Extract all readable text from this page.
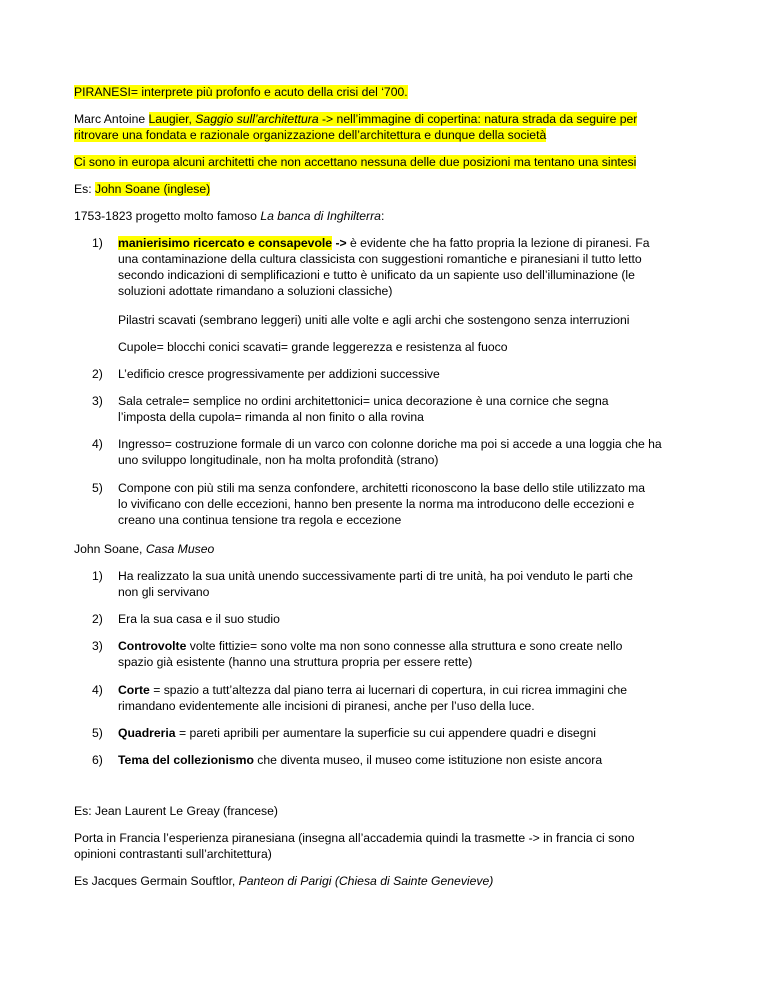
PIRANESI= interprete più profonfo e acuto della crisi del ‘700.
Marc Antoine Laugier, Saggio sull’architettura -> nell’immagine di copertina: natura strada da seguire per
ritrovare una fondata e razionale organizzazione dell’architettura e dunque della società
Ci sono in europa alcuni architetti che non accettano nessuna delle due posizioni ma tentano una sintesi
Es: John Soane (inglese)
1753-1823 progetto molto famoso La banca di Inghilterra:
1) manierisimo ricercato e consapevole -> è evidente che ha fatto propria la lezione di piranesi. Fa
una contaminazione della cultura classicista con suggestioni romantiche e piranesiani il tutto letto
secondo indicazioni di semplificazioni e tutto è unificato da un sapiente uso dell’illuminazione (le
soluzioni adottate rimandano a soluzioni classiche)
Pilastri scavati (sembrano leggeri) uniti alle volte e agli archi che sostengono senza interruzioni
Cupole= blocchi conici scavati= grande leggerezza e resistenza al fuoco
2) L’edificio cresce progressivamente per addizioni successive
3) Sala cetrale= semplice no ordini architettonici= unica decorazione è una cornice che segna
l’imposta della cupola= rimanda al non finito o alla rovina
4) Ingresso= costruzione formale di un varco con colonne doriche ma poi si accede a una loggia che ha
uno sviluppo longitudinale, non ha molta profondità (strano)
5) Compone con più stili ma senza confondere, architetti riconoscono la base dello stile utilizzato ma
lo vivificano con delle eccezioni, hanno ben presente la norma ma introducono delle eccezioni e
creano una continua tensione tra regola e eccezione
John Soane, Casa Museo
1) Ha realizzato la sua unità unendo successivamente parti di tre unità, ha poi venduto le parti che
non gli servivano
2) Era la sua casa e il suo studio
3) Controvolte volte fittizie= sono volte ma non sono connesse alla struttura e sono create nello
spazio già esistente (hanno una struttura propria per essere rette)
4) Corte = spazio a tutt’altezza dal piano terra ai lucernari di copertura, in cui ricrea immagini che
rimandano evidentemente alle incisioni di piranesi, anche per l’uso della luce.
5) Quadreria = pareti apribili per aumentare la superficie su cui appendere quadri e disegni
6) Tema del collezionismo che diventa museo, il museo come istituzione non esiste ancora
Es: Jean Laurent Le Greay (francese)
Porta in Francia l’esperienza piranesiana (insegna all’accademia quindi la trasmette -> in francia ci sono
opinioni contrastanti sull’architettura)
Es Jacques Germain Souftlor, Panteon di Parigi (Chiesa di Sainte Genevieve)
